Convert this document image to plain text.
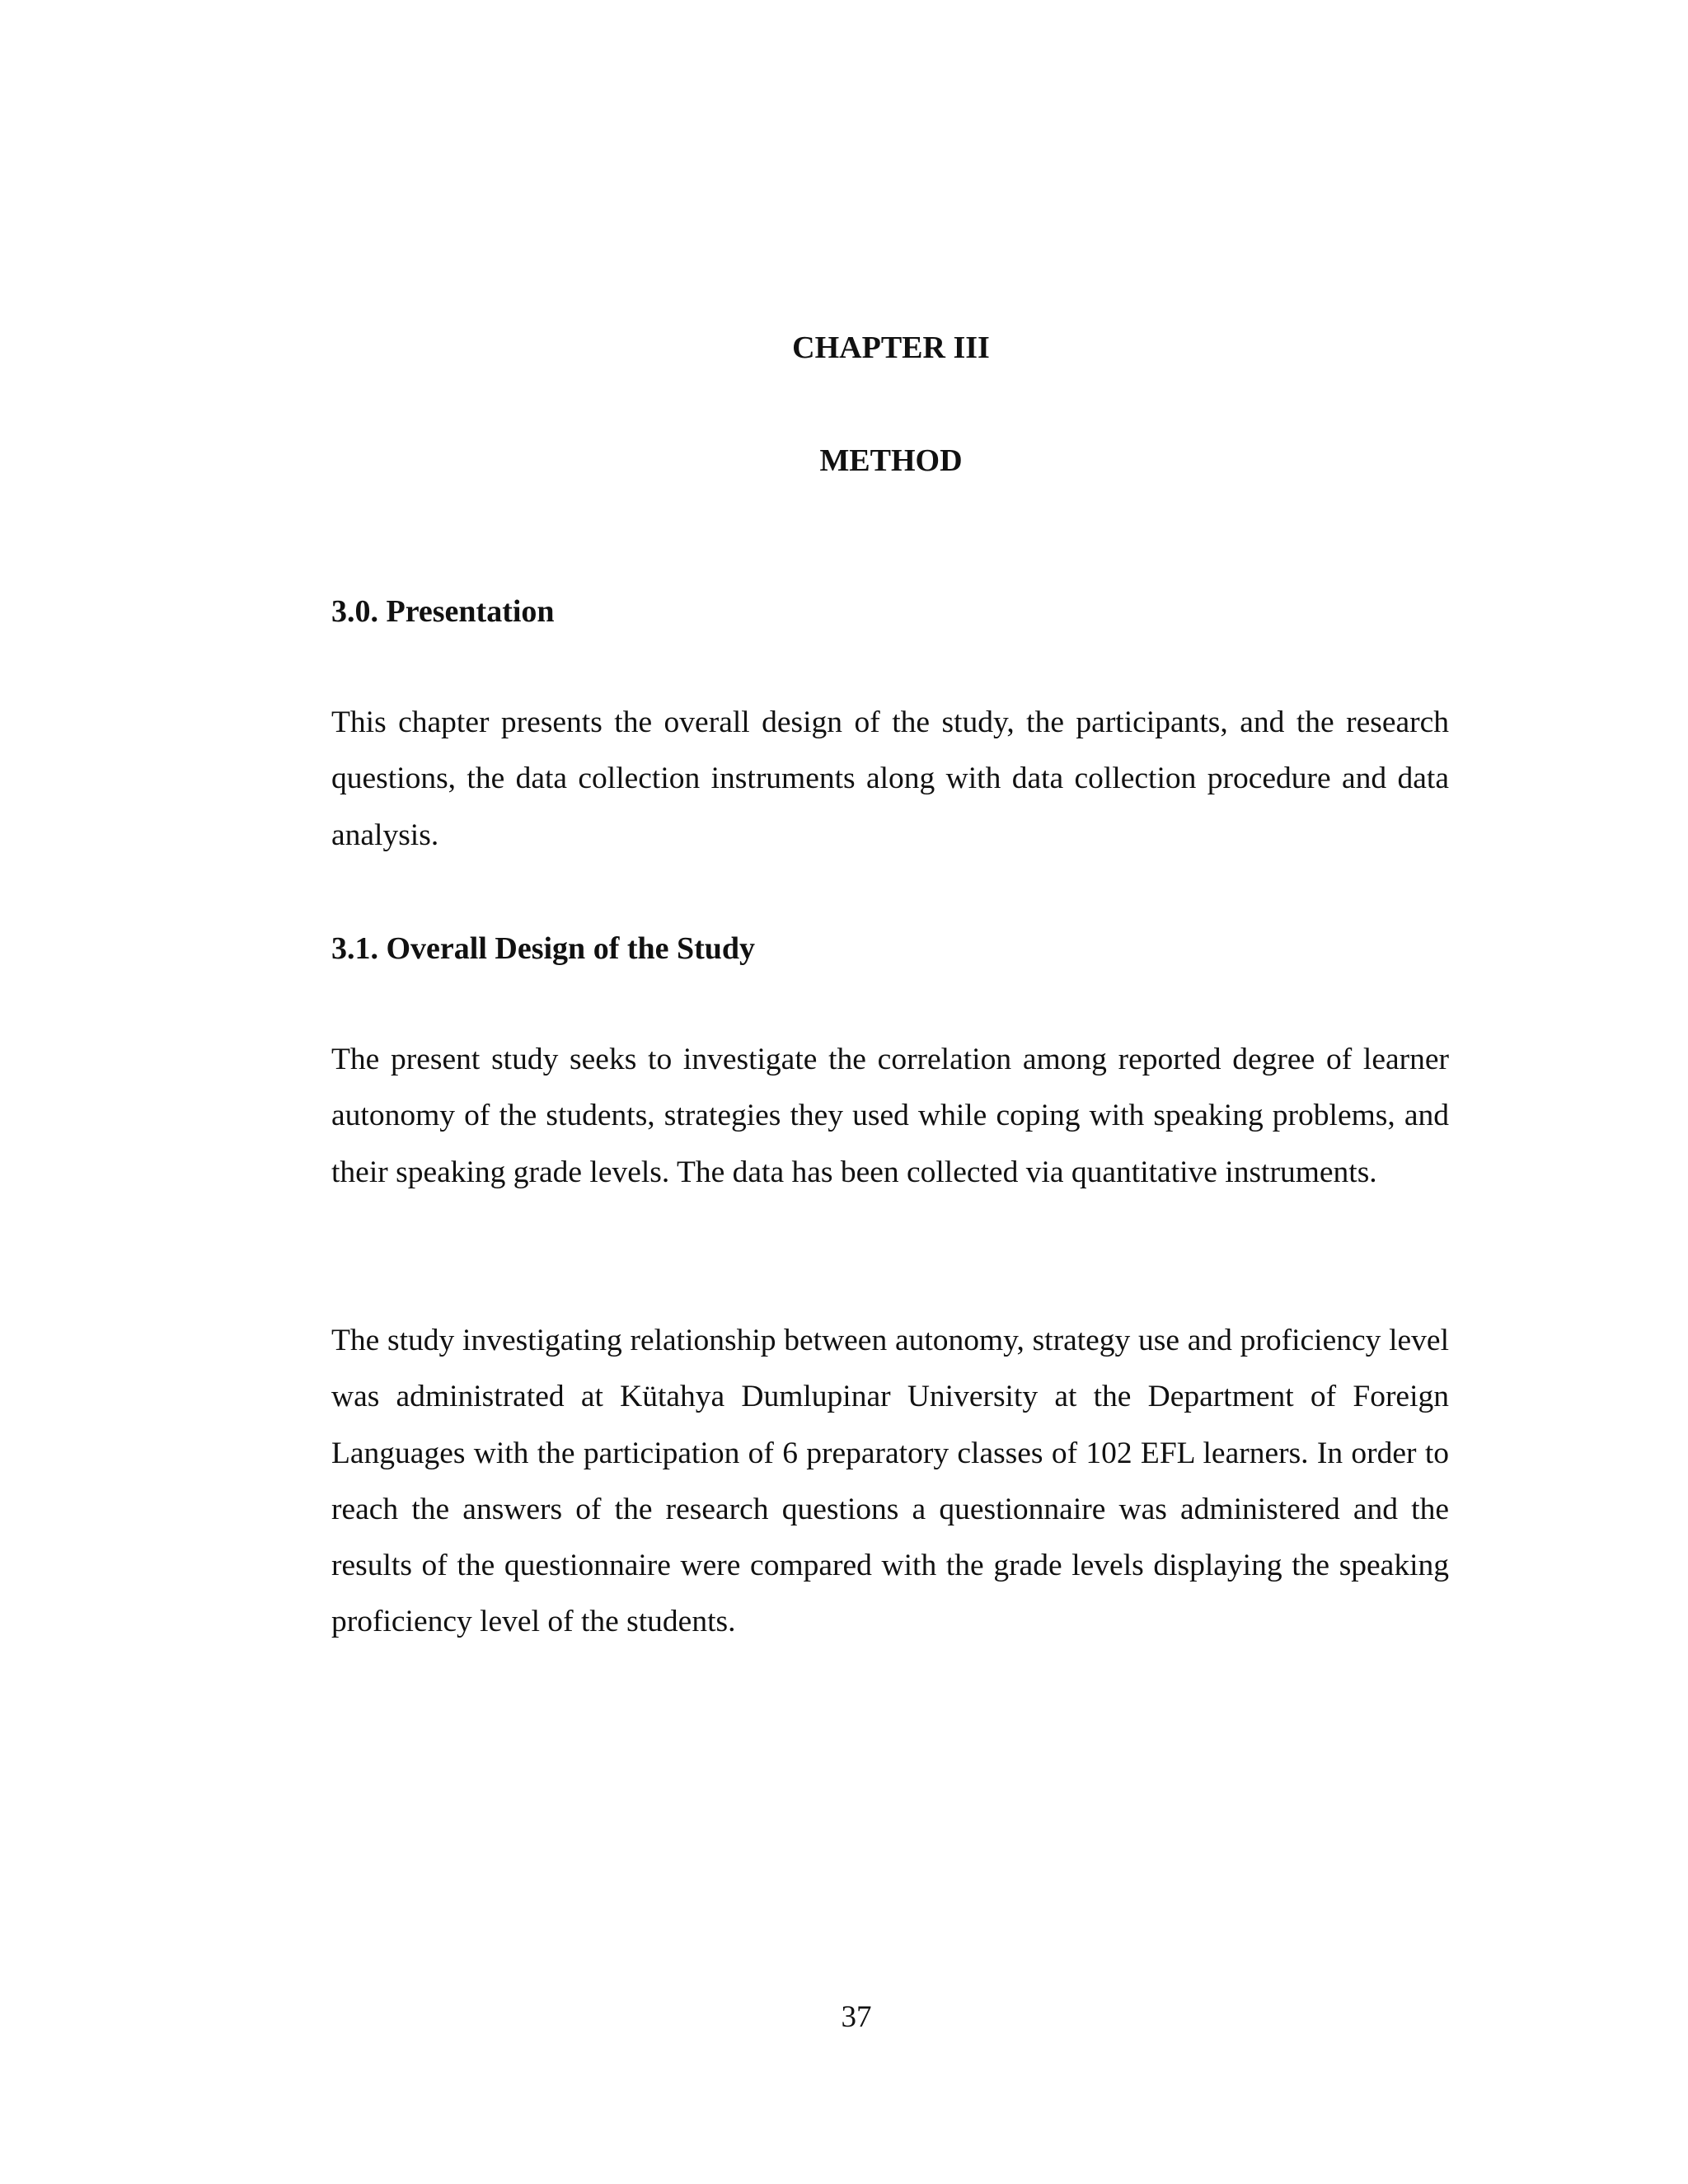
CHAPTER III
METHOD
3.0. Presentation

This chapter presents the overall design of the study, the participants, and the research questions, the data collection instruments along with data collection procedure and data analysis.

3.1. Overall Design of the Study

The present study seeks to investigate the correlation among reported degree of learner autonomy of the students, strategies they used while coping with speaking problems, and their speaking grade levels. The data has been collected via quantitative instruments.

The study investigating relationship between autonomy, strategy use and proficiency level was administrated at Kütahya Dumlupinar University at the Department of Foreign Languages with the participation of 6 preparatory classes of 102 EFL learners. In order to reach the answers of the research questions a questionnaire was administered and the results of the questionnaire were compared with the grade levels displaying the speaking proficiency level of the students.

37
